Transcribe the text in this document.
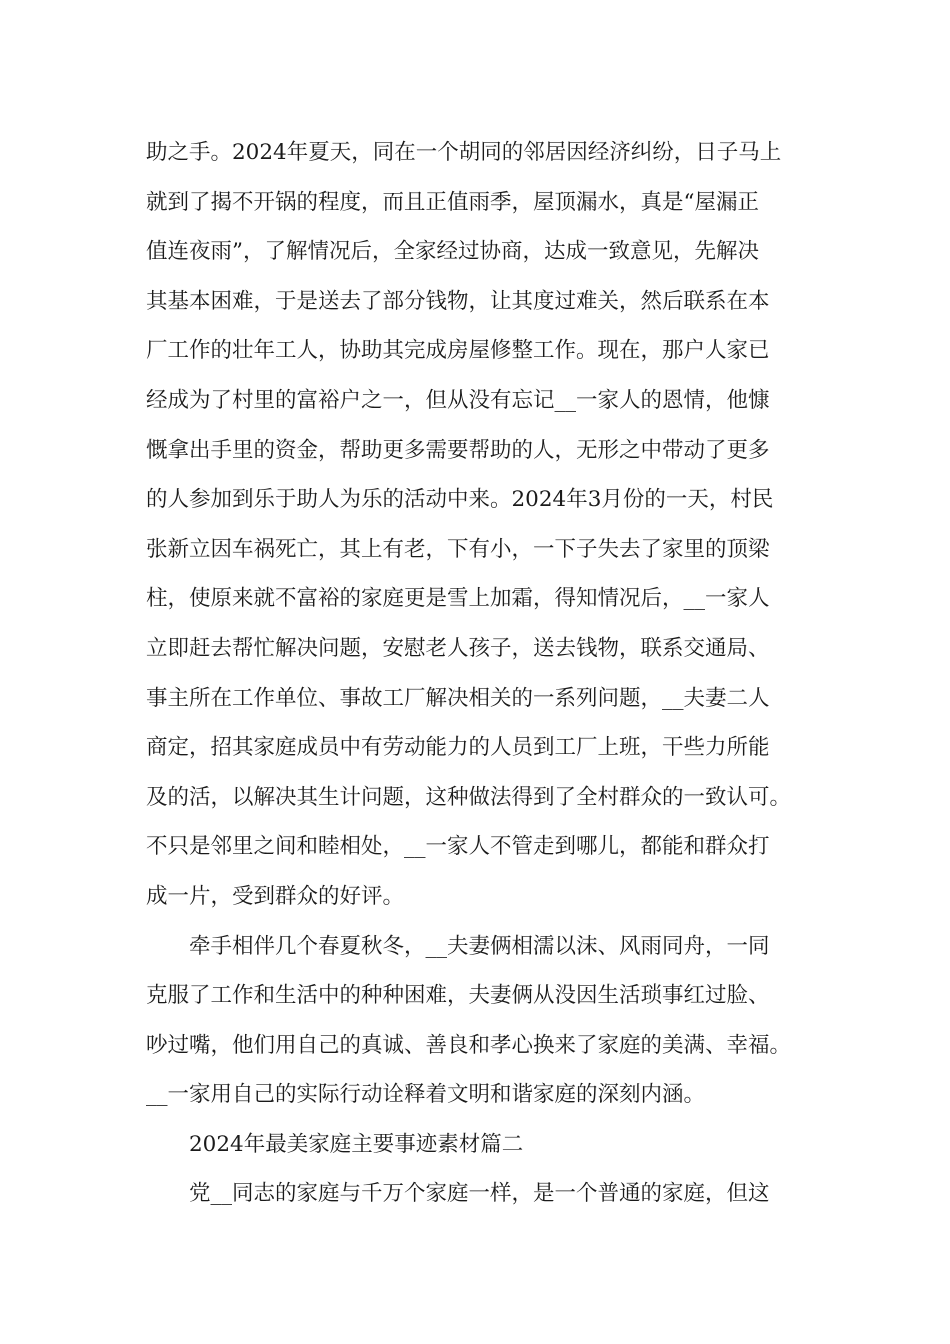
助之手。2024年夏天，同在一个胡同的邻居因经济纠纷，日子马上
就到了揭不开锅的程度，而且正值雨季，屋顶漏水，真是“屋漏正
值连夜雨”，了解情况后，全家经过协商，达成一致意见，先解决
其基本困难，于是送去了部分钱物，让其度过难关，然后联系在本
厂工作的壮年工人，协助其完成房屋修整工作。现在，那户人家已
经成为了村里的富裕户之一，但从没有忘记__一家人的恩情，他慷
慨拿出手里的资金，帮助更多需要帮助的人，无形之中带动了更多
的人参加到乐于助人为乐的活动中来。2024年3月份的一天，村民
张新立因车祸死亡，其上有老，下有小，一下子失去了家里的顶梁
柱，使原来就不富裕的家庭更是雪上加霜，得知情况后，__一家人
立即赶去帮忙解决问题，安慰老人孩子，送去钱物，联系交通局、
事主所在工作单位、事故工厂解决相关的一系列问题，__夫妻二人
商定，招其家庭成员中有劳动能力的人员到工厂上班，干些力所能
及的活，以解决其生计问题，这种做法得到了全村群众的一致认可。
不只是邻里之间和睦相处，__一家人不管走到哪儿，都能和群众打
成一片，受到群众的好评。
牵手相伴几个春夏秋冬，__夫妻俩相濡以沫、风雨同舟，一同
克服了工作和生活中的种种困难，夫妻俩从没因生活琐事红过脸、
吵过嘴，他们用自己的真诚、善良和孝心换来了家庭的美满、幸福。
__一家用自己的实际行动诠释着文明和谐家庭的深刻内涵。
2024年最美家庭主要事迹素材篇二
党__同志的家庭与千万个家庭一样，是一个普通的家庭，但这
